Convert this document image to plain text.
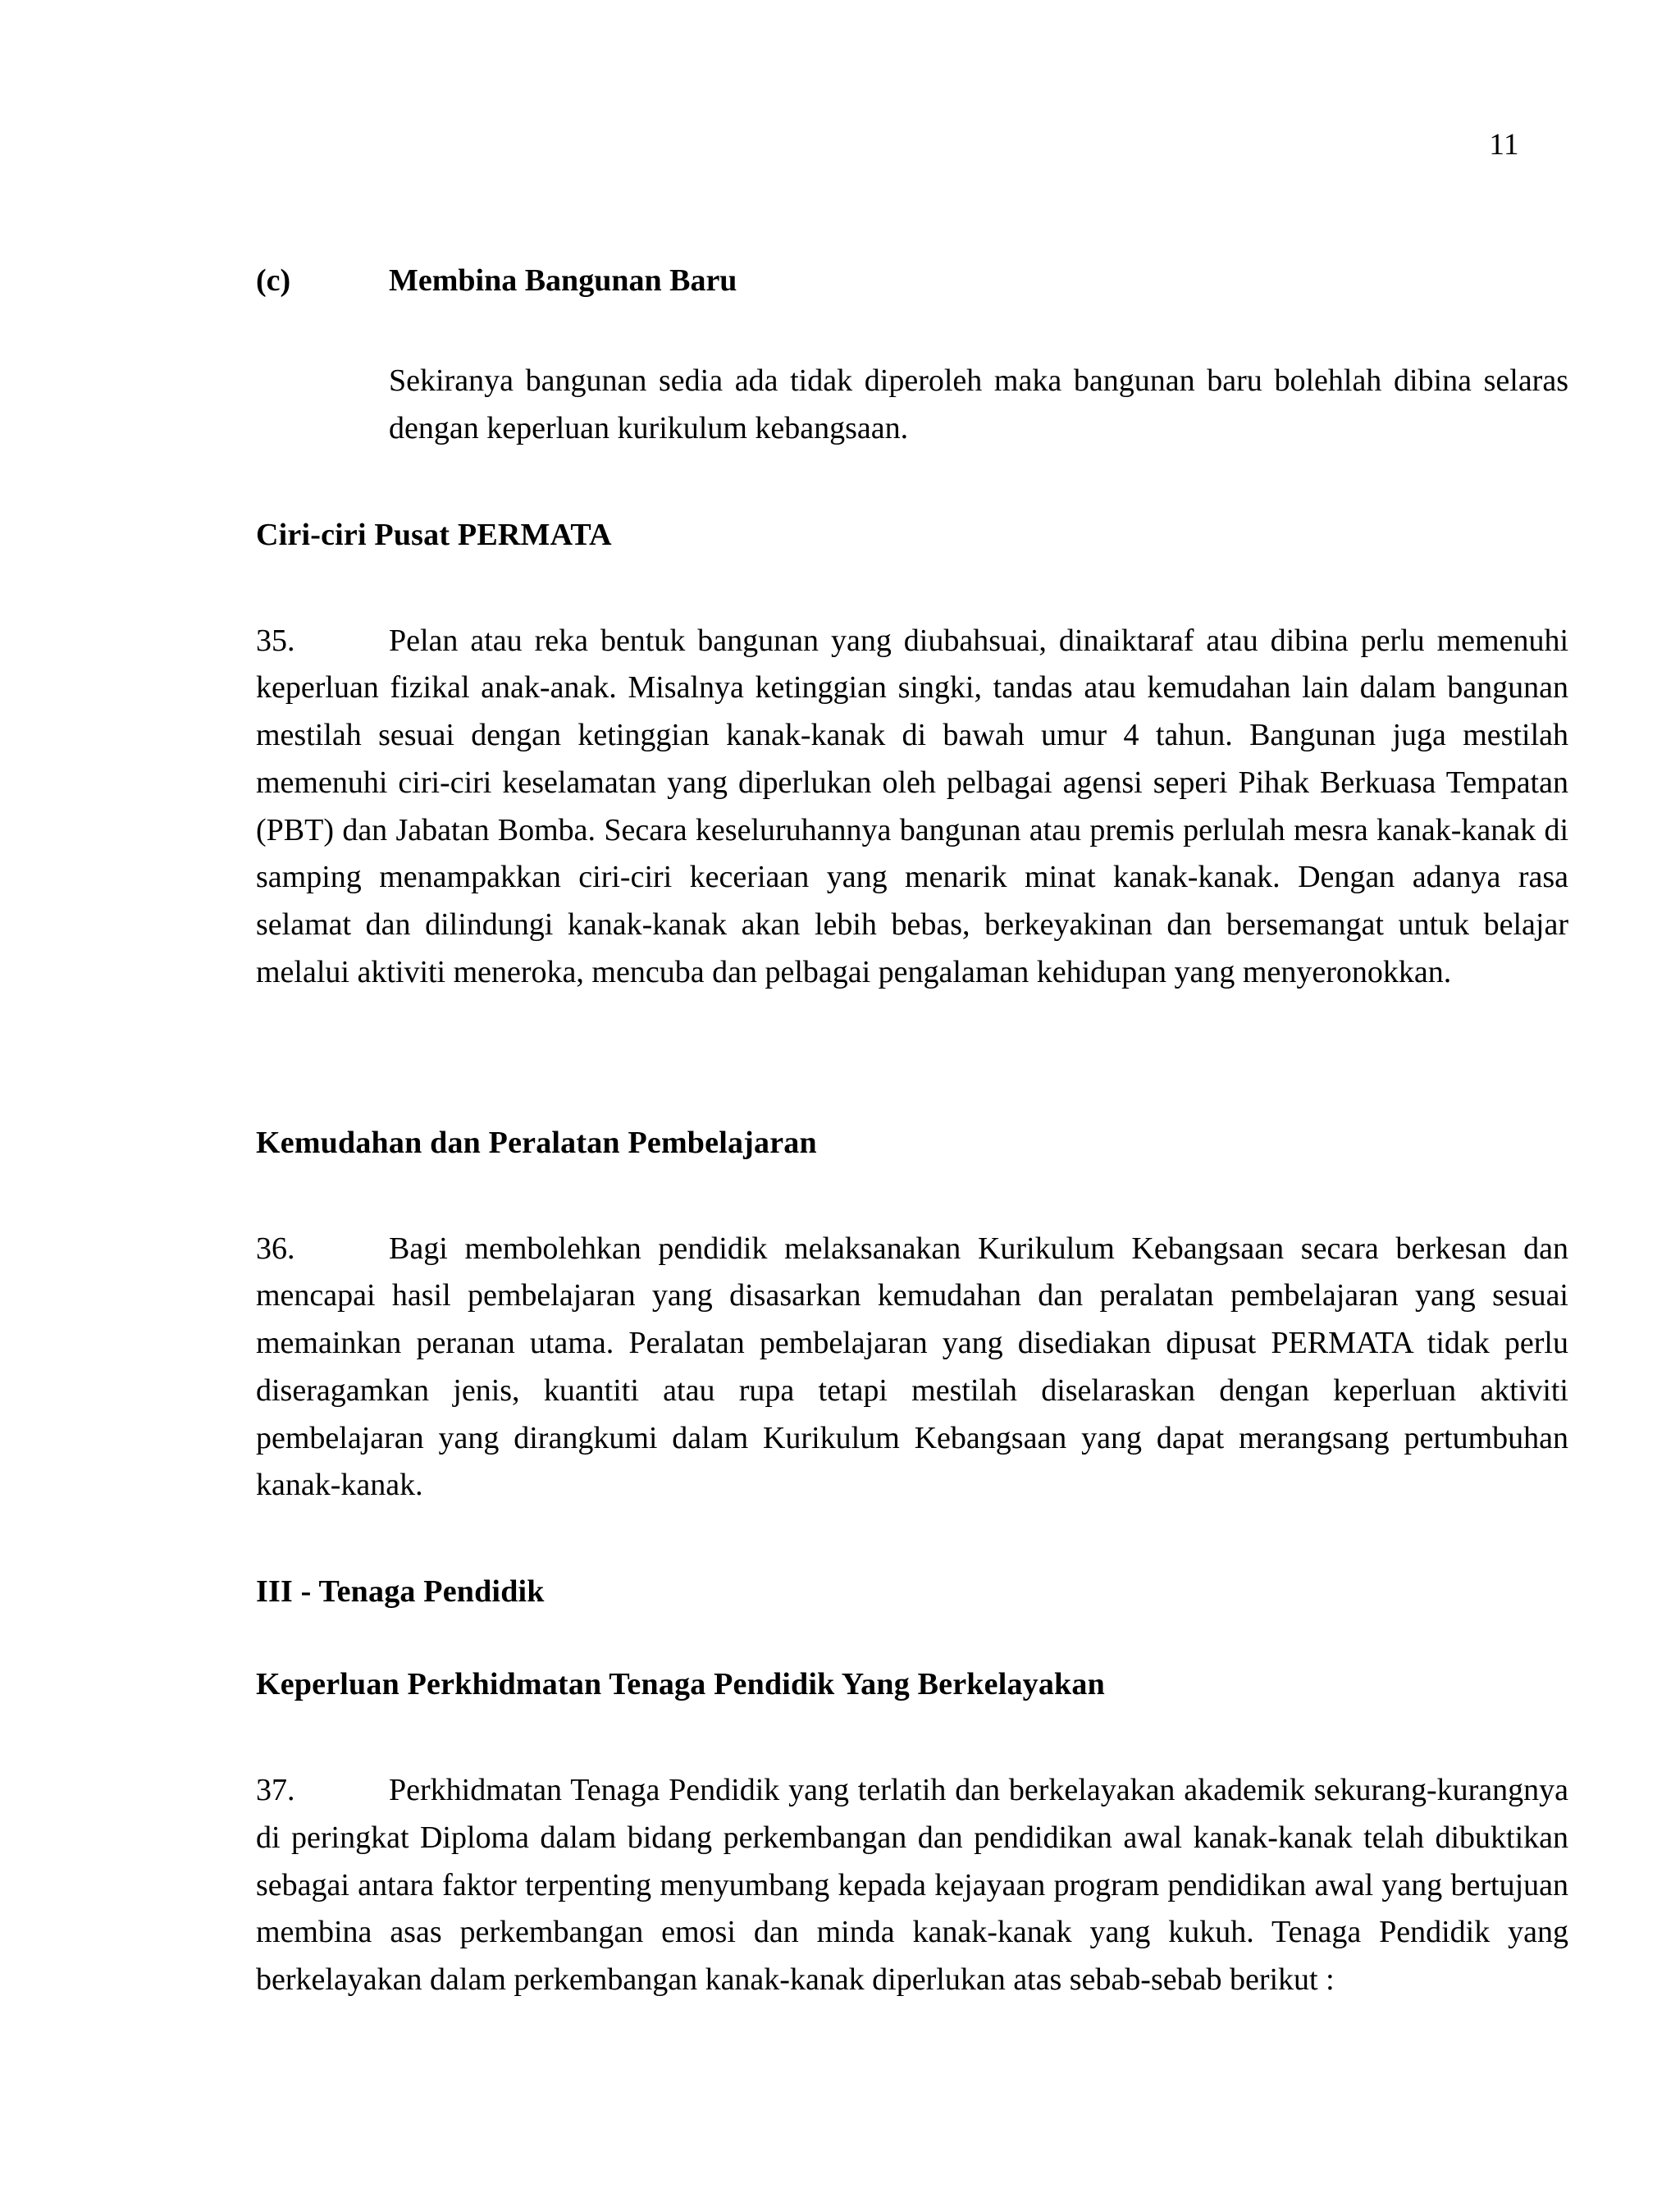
11
(c)	Membina Bangunan Baru
Sekiranya bangunan sedia ada tidak diperoleh maka bangunan baru bolehlah dibina selaras dengan keperluan kurikulum kebangsaan.
Ciri-ciri Pusat PERMATA
35.	Pelan atau reka bentuk bangunan yang diubahsuai, dinaiktaraf atau dibina perlu memenuhi keperluan fizikal anak-anak. Misalnya ketinggian singki, tandas atau kemudahan lain dalam bangunan mestilah sesuai dengan ketinggian kanak-kanak di bawah umur 4 tahun. Bangunan juga mestilah memenuhi ciri-ciri keselamatan yang diperlukan oleh pelbagai agensi seperi Pihak Berkuasa Tempatan (PBT) dan Jabatan Bomba. Secara keseluruhannya bangunan atau premis perlulah mesra kanak-kanak di samping menampakkan ciri-ciri keceriaan yang menarik minat kanak-kanak. Dengan adanya rasa selamat dan dilindungi kanak-kanak akan lebih bebas, berkeyakinan dan bersemangat untuk belajar melalui aktiviti meneroka, mencuba dan pelbagai pengalaman kehidupan yang menyeronokkan.
Kemudahan dan Peralatan Pembelajaran
36.	Bagi membolehkan pendidik melaksanakan Kurikulum Kebangsaan secara berkesan dan mencapai hasil pembelajaran yang disasarkan kemudahan dan peralatan pembelajaran yang sesuai memainkan peranan utama. Peralatan pembelajaran yang disediakan dipusat PERMATA tidak perlu diseragamkan jenis, kuantiti atau rupa tetapi mestilah diselaraskan dengan keperluan aktiviti pembelajaran yang dirangkumi dalam Kurikulum Kebangsaan yang dapat merangsang pertumbuhan kanak-kanak.
III - Tenaga Pendidik
Keperluan Perkhidmatan Tenaga Pendidik Yang Berkelayakan
37.	Perkhidmatan Tenaga Pendidik yang terlatih dan berkelayakan akademik sekurang-kurangnya di peringkat Diploma dalam bidang perkembangan dan pendidikan awal kanak-kanak telah dibuktikan sebagai antara faktor terpenting menyumbang kepada kejayaan program pendidikan awal yang bertujuan membina asas perkembangan emosi dan minda kanak-kanak yang kukuh. Tenaga Pendidik yang berkelayakan dalam perkembangan kanak-kanak diperlukan atas sebab-sebab berikut :
